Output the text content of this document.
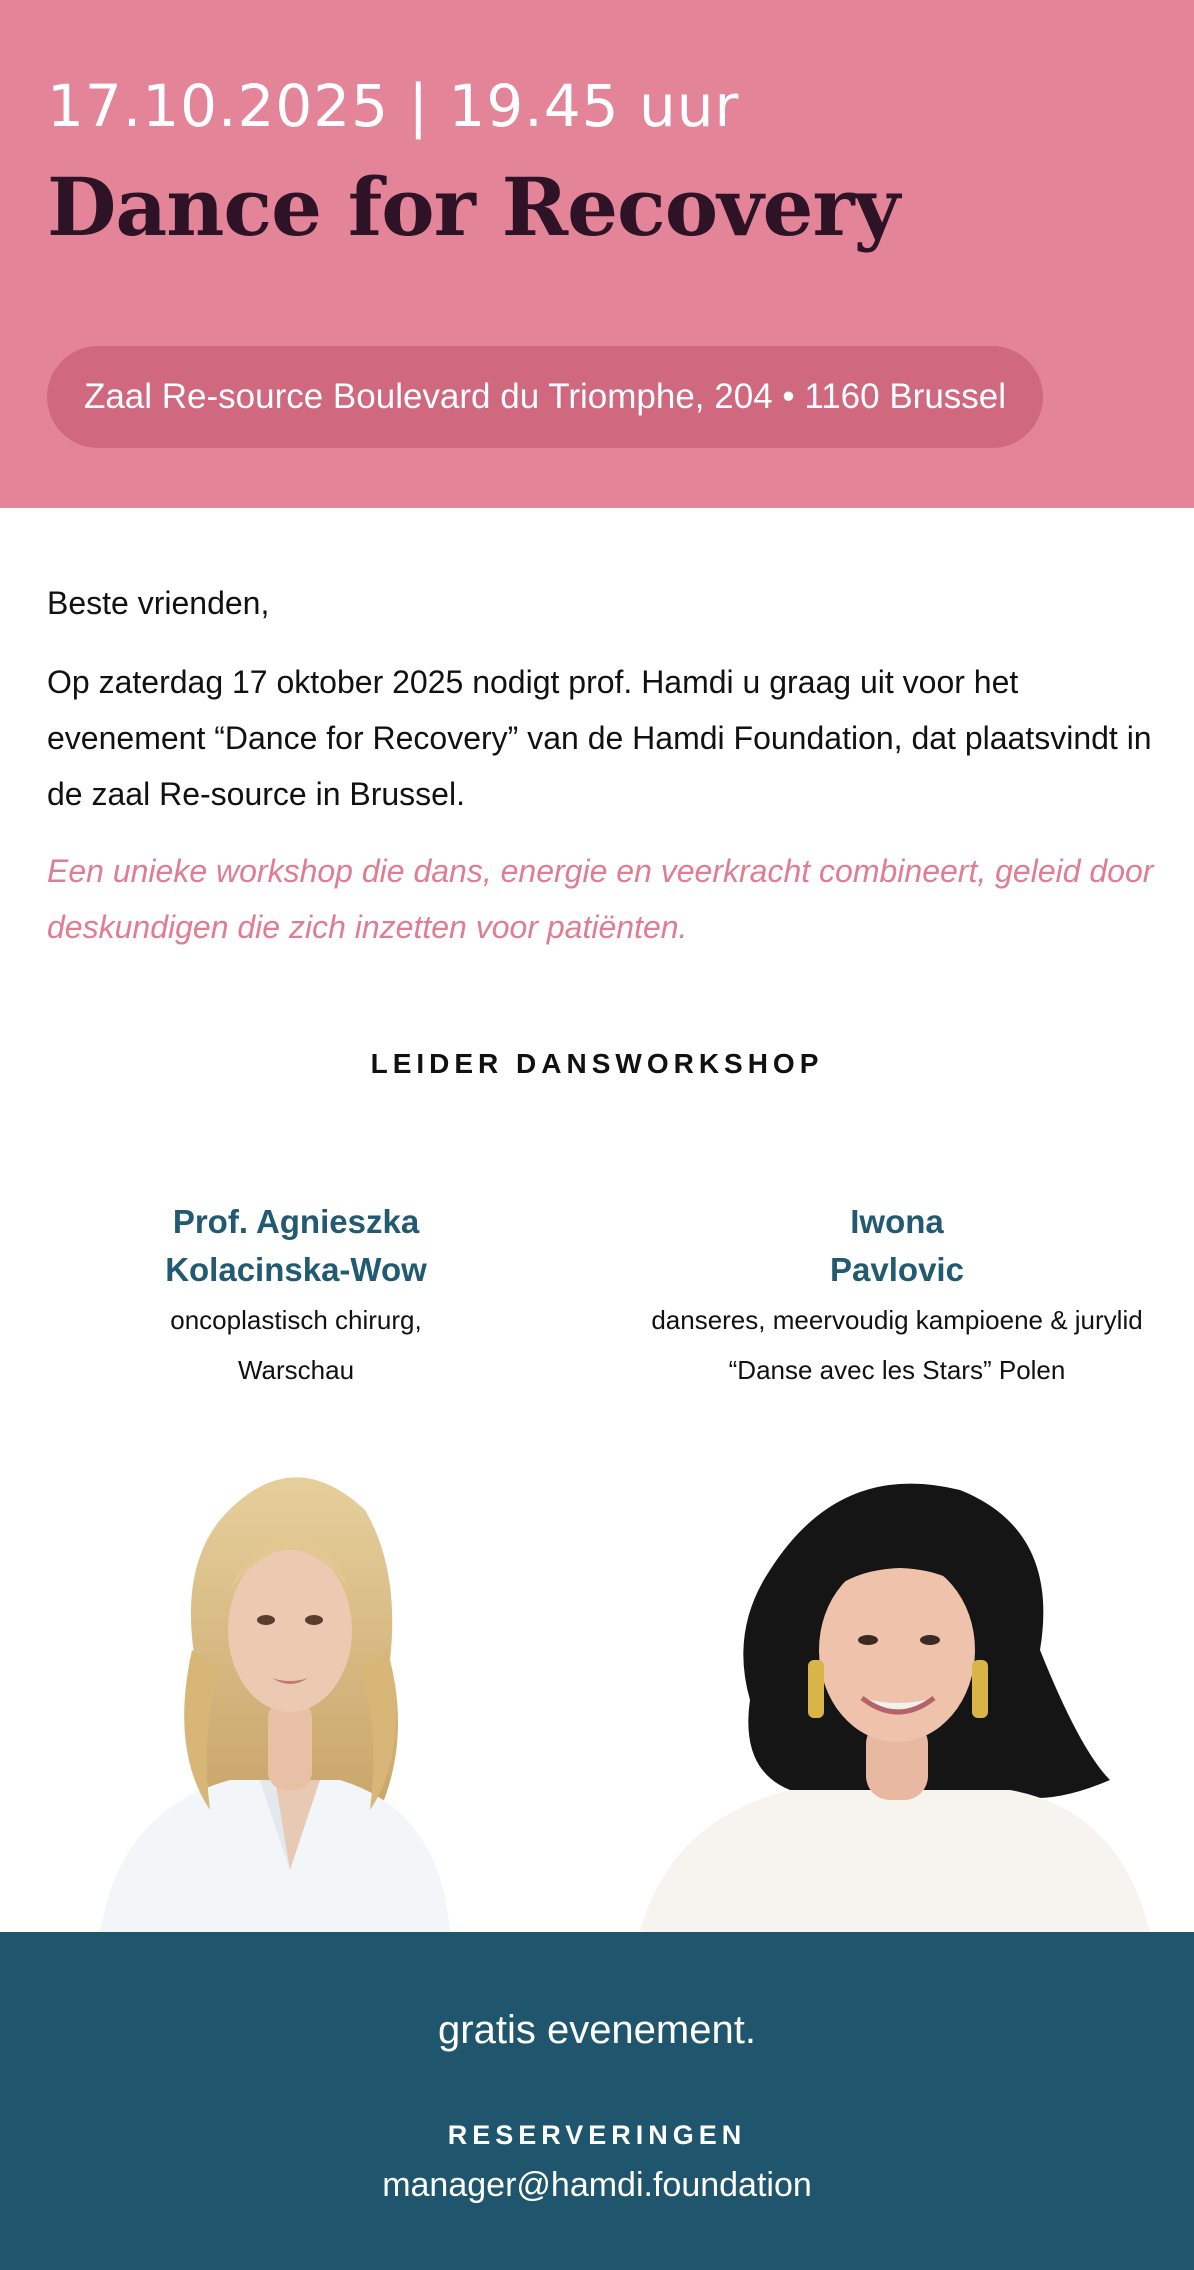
17.10.2025 | 19.45 uur
Dance for Recovery
Zaal Re-source Boulevard du Triomphe, 204 • 1160 Brussel

Beste vrienden,

Op zaterdag 17 oktober 2025 nodigt prof. Hamdi u graag uit voor het evenement “Dance for Recovery” van de Hamdi Foundation, dat plaatsvindt in de zaal Re-source in Brussel.

Een unieke workshop die dans, energie en veerkracht combineert, geleid door deskundigen die zich inzetten voor patiënten.

LEIDER DANSWORKSHOP
Prof. Agnieszka
Kolacinska-Wow
oncoplastisch chirurg,
Warschau
Iwona
Pavlovic
danseres, meervoudig kampioene & jurylid
“Danse avec les Stars” Polen
gratis evenement.
RESERVERINGEN
manager@hamdi.foundation
